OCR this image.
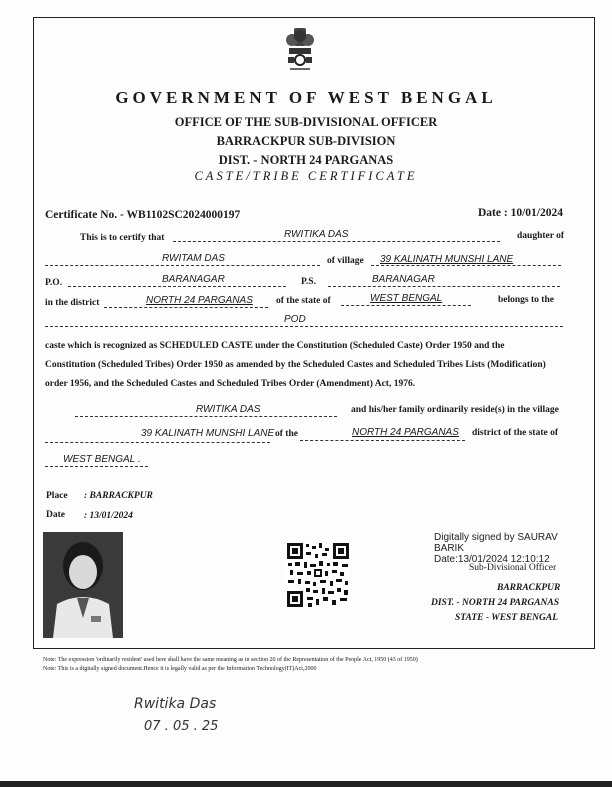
GOVERNMENT OF WEST BENGAL
OFFICE OF THE SUB-DIVISIONAL OFFICER
BARRACKPUR SUB-DIVISION
DIST. - NORTH 24 PARGANAS
CASTE/TRIBE CERTIFICATE
Certificate No. - WB1102SC2024000197	Date : 10/01/2024
This is to certify that	RWITIKA DAS	daughter of
RWITAM DAS	of village 39 KALINATH MUNSHI LANE
P.O.	BARANAGAR	P.S.	BARANAGAR
in the district	NORTH 24 PARGANAS of the state of	WEST BENGAL	belongs to the
POD
caste which is recognized as SCHEDULED CASTE under the Constitution (Scheduled Caste) Order 1950 and the
Constitution (Scheduled Tribes) Order 1950 as amended by the Scheduled Castes and Scheduled Tribes Lists (Modification)
order 1956, and the Scheduled Castes and Scheduled Tribes Order (Amendment) Act, 1976.
RWITIKA DAS	and his/her family ordinarily reside(s) in the village
39 KALINATH MUNSHI LANE of the	NORTH 24 PARGANAS district of the state of
WEST BENGAL .
Place : BARRACKPUR
Date : 13/01/2024
Digitally signed by SAURAV
BARIK
Date:13/01/2024 12:10:12
Sub-Divisional Officer
BARRACKPUR
DIST. - NORTH 24 PARGANAS
STATE - WEST BENGAL
Note: The expression 'ordinarily resident' used here shall have the same meaning as in section 20 of the Representation of the People Act, 1950 (43 of 1950)
Note: This is a digitally signed document.Hence it is legally valid as per the Information Technology(IT)Act,2000
Rwitika Das
07 . 05 . 25
